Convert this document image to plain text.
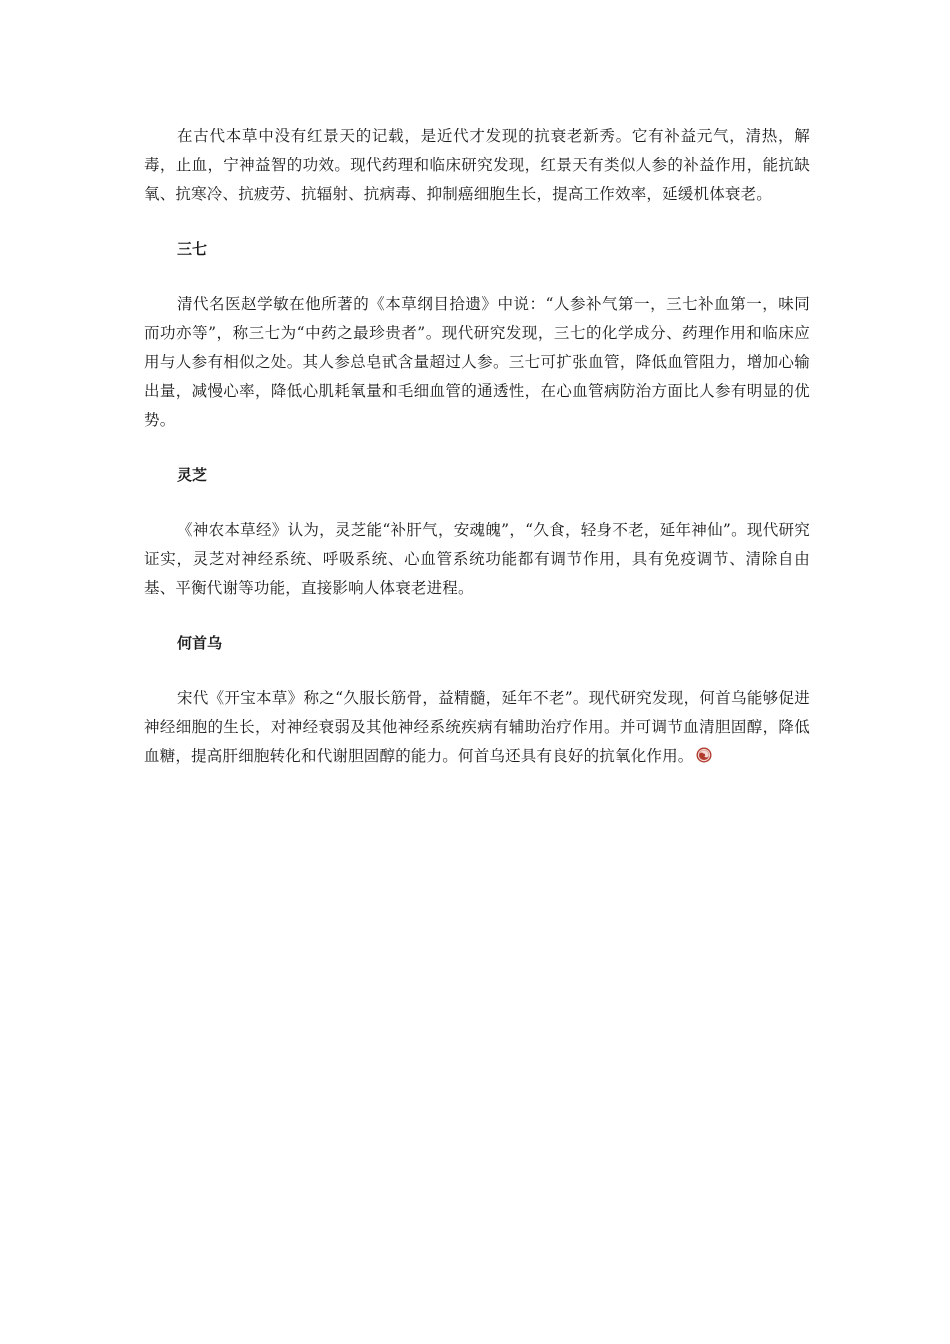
在古代本草中没有红景天的记载，是近代才发现的抗衰老新秀。它有补益元气，清热，解毒，止血，宁神益智的功效。现代药理和临床研究发现，红景天有类似人参的补益作用，能抗缺氧、抗寒冷、抗疲劳、抗辐射、抗病毒、抑制癌细胞生长，提高工作效率，延缓机体衰老。

三七

清代名医赵学敏在他所著的《本草纲目拾遗》中说：“人参补气第一，三七补血第一，味同而功亦等”，称三七为“中药之最珍贵者”。现代研究发现，三七的化学成分、药理作用和临床应用与人参有相似之处。其人参总皂甙含量超过人参。三七可扩张血管，降低血管阻力，增加心输出量，减慢心率，降低心肌耗氧量和毛细血管的通透性，在心血管病防治方面比人参有明显的优势。

灵芝

《神农本草经》认为，灵芝能“补肝气，安魂魄”，“久食，轻身不老，延年神仙”。现代研究证实，灵芝对神经系统、呼吸系统、心血管系统功能都有调节作用，具有免疫调节、清除自由基、平衡代谢等功能，直接影响人体衰老进程。

何首乌

宋代《开宝本草》称之“久服长筋骨，益精髓，延年不老”。现代研究发现，何首乌能够促进神经细胞的生长，对神经衰弱及其他神经系统疾病有辅助治疗作用。并可调节血清胆固醇，降低血糖，提高肝细胞转化和代谢胆固醇的能力。何首乌还具有良好的抗氧化作用。
